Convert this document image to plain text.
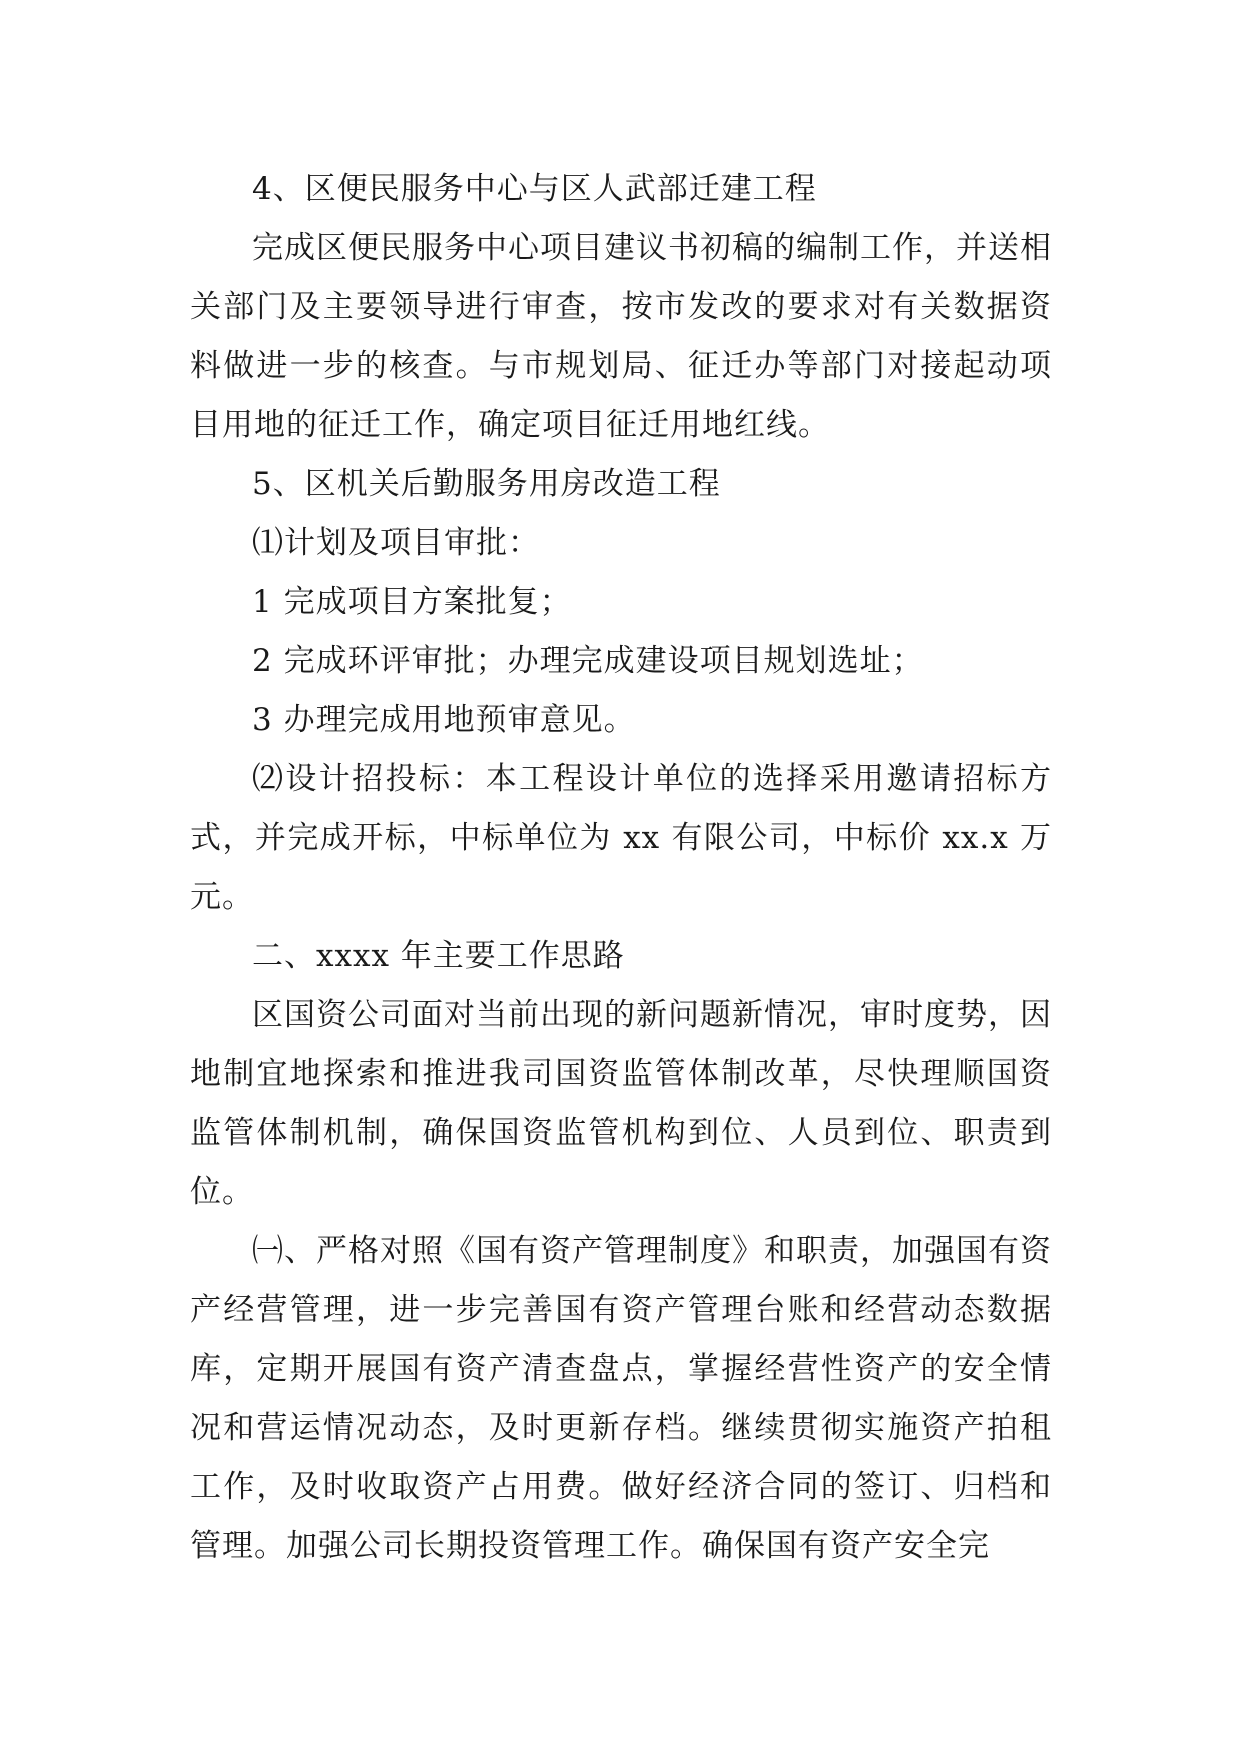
4、区便民服务中心与区人武部迁建工程

完成区便民服务中心项目建议书初稿的编制工作，并送相关部门及主要领导进行审查，按市发改的要求对有关数据资料做进一步的核查。与市规划局、征迁办等部门对接起动项目用地的征迁工作，确定项目征迁用地红线。

5、区机关后勤服务用房改造工程

⑴计划及项目审批：

1 完成项目方案批复；

2 完成环评审批；办理完成建设项目规划选址；

3 办理完成用地预审意见。

⑵设计招投标：本工程设计单位的选择采用邀请招标方式，并完成开标，中标单位为 xx 有限公司，中标价 xx.x 万元。

二、xxxx 年主要工作思路

区国资公司面对当前出现的新问题新情况，审时度势，因地制宜地探索和推进我司国资监管体制改革，尽快理顺国资监管体制机制，确保国资监管机构到位、人员到位、职责到位。

㈠、严格对照《国有资产管理制度》和职责，加强国有资产经营管理，进一步完善国有资产管理台账和经营动态数据库，定期开展国有资产清查盘点，掌握经营性资产的安全情况和营运情况动态，及时更新存档。继续贯彻实施资产拍租工作，及时收取资产占用费。做好经济合同的签订、归档和管理。加强公司长期投资管理工作。确保国有资产安全完
